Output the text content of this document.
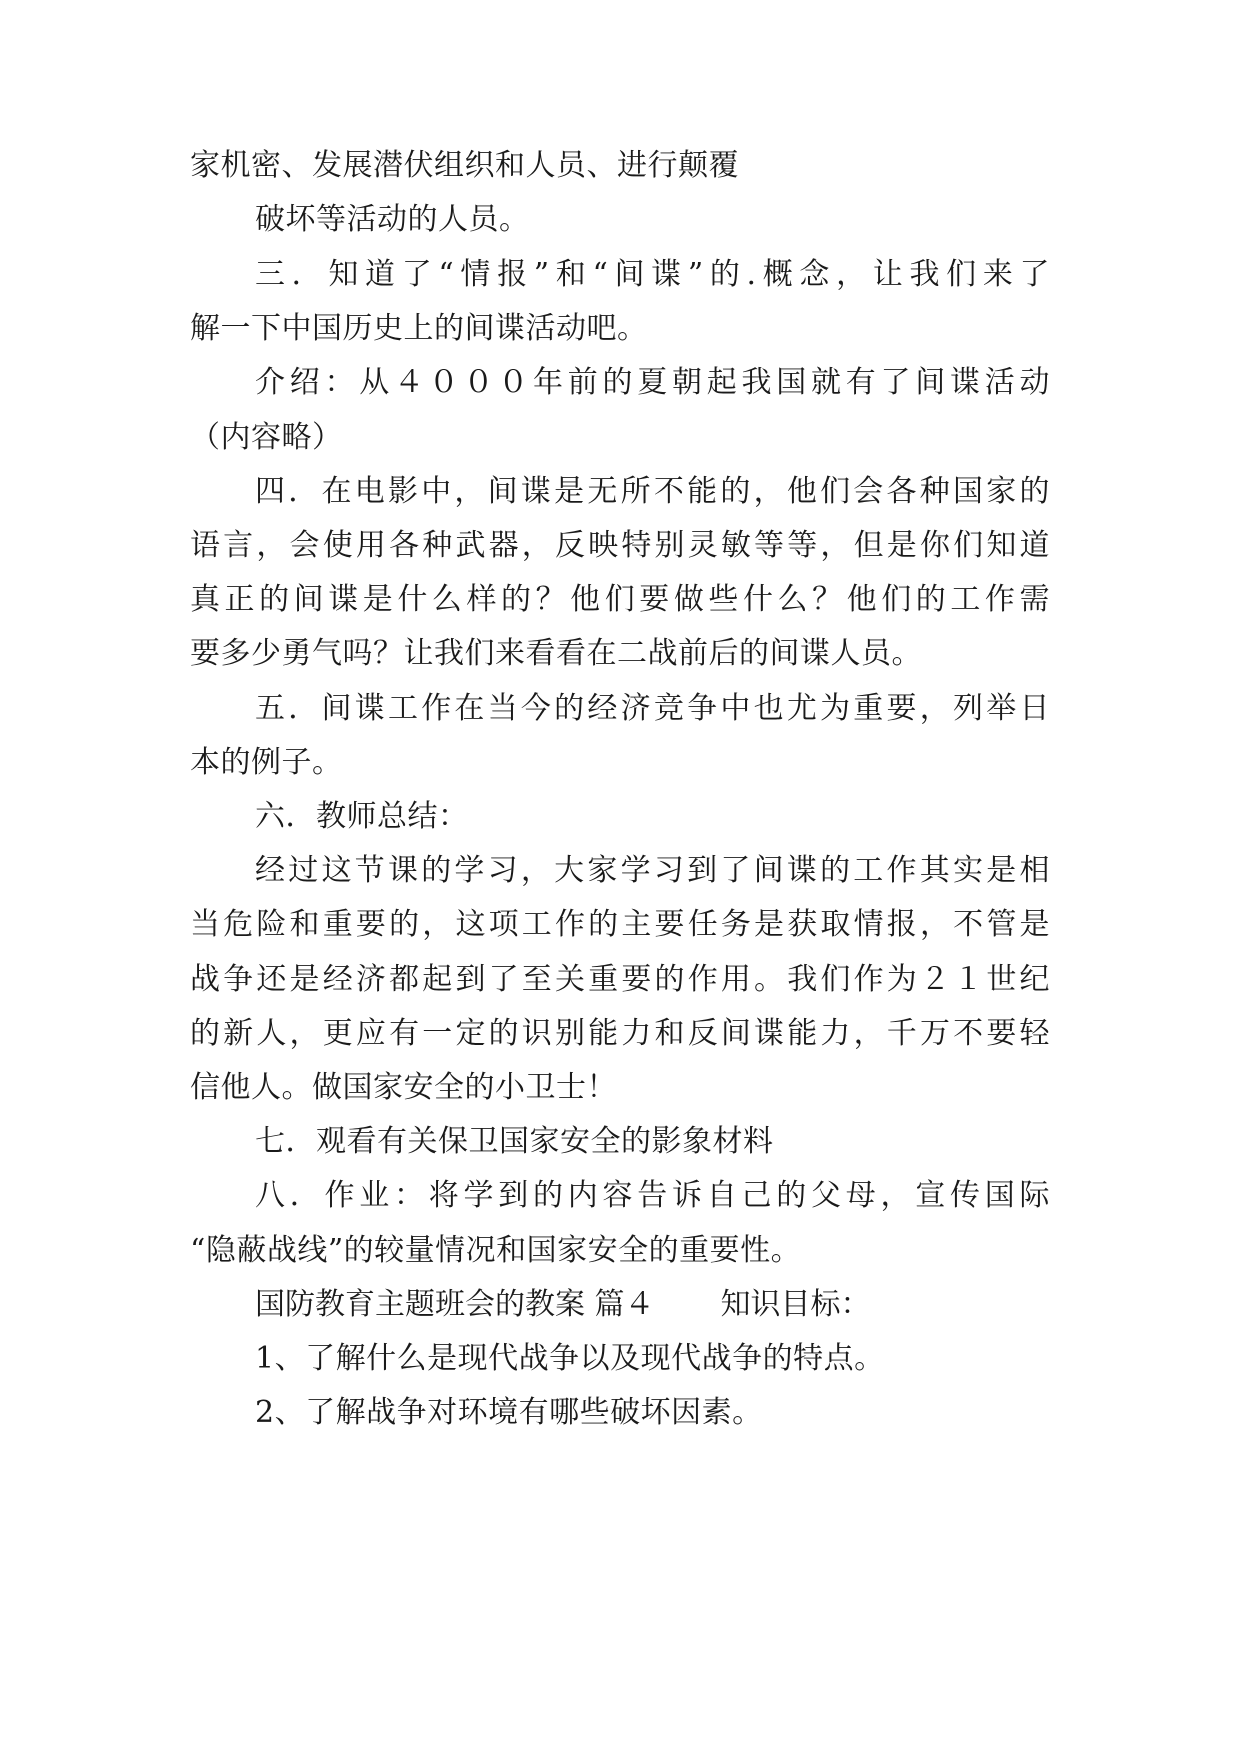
家机密、发展潜伏组织和人员、进行颠覆

破坏等活动的人员。

三．知道了“情报”和“间谍”的.概念，让我们来了

解一下中国历史上的间谍活动吧。

介绍：从４０００年前的夏朝起我国就有了间谍活动

（内容略）

四．在电影中，间谍是无所不能的，他们会各种国家的

语言，会使用各种武器，反映特别灵敏等等，但是你们知道

真正的间谍是什么样的？他们要做些什么？他们的工作需

要多少勇气吗？让我们来看看在二战前后的间谍人员。

五．间谍工作在当今的经济竞争中也尤为重要，列举日

本的例子。

六．教师总结：

经过这节课的学习，大家学习到了间谍的工作其实是相

当危险和重要的，这项工作的主要任务是获取情报，不管是

战争还是经济都起到了至关重要的作用。我们作为２１世纪

的新人，更应有一定的识别能力和反间谍能力，千万不要轻

信他人。做国家安全的小卫士！

七．观看有关保卫国家安全的影象材料

八．作业：将学到的内容告诉自己的父母，宣传国际

“隐蔽战线”的较量情况和国家安全的重要性。

国防教育主题班会的教案 篇４ 知识目标：

1、了解什么是现代战争以及现代战争的特点。

2、了解战争对环境有哪些破坏因素。
